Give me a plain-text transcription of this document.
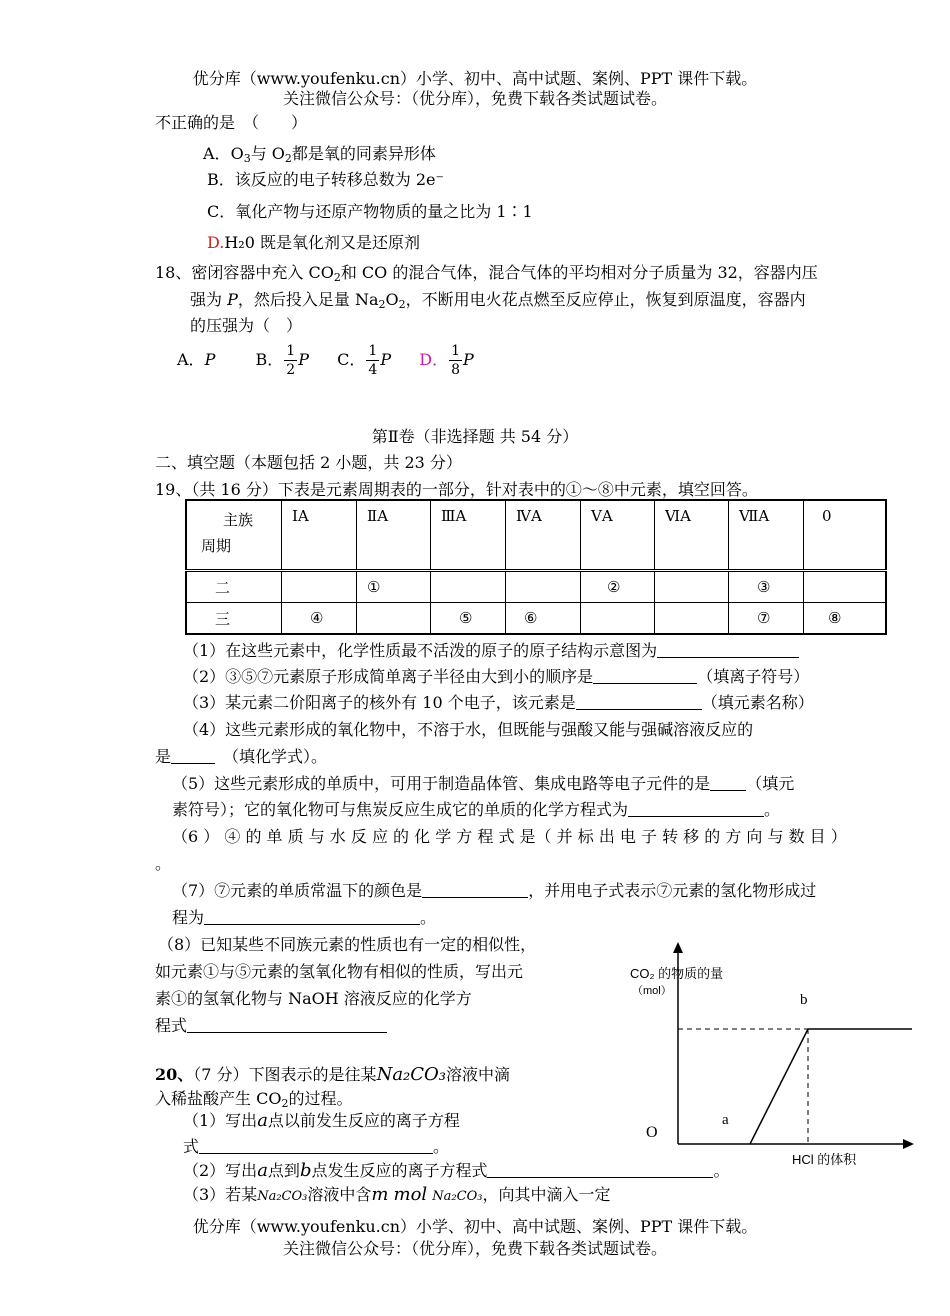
优分库（www.youfenku.cn）小学、初中、高中试题、案例、PPT 课件下载。
关注微信公众号：（优分库），免费下载各类试题试卷。
不正确的是　（　　）
A．$O_3$与 $O_2$都是氧的同素异形体
B．该反应的电子转移总数为 2e⁻
C．氧化产物与还原产物物质的量之比为 1∶1
D.H₂0 既是氧化剂又是还原剂
18、密闭容器中充入 $CO_2$和 CO 的混合气体，混合气体的平均相对分子质量为 32，容器内压
强为 P，然后投入足量 $Na_2O_2$，不断用电火花点燃至反应停止，恢复到原温度，容器内
的压强为（　）
A．P	B． $\frac{1}{2}$ P C． $\frac{1}{4}$ P D． $\frac{1}{8}$ P
第Ⅱ卷（非选择题 共 54 分）
二、填空题（本题包括 2 小题，共 23 分）
19、（共 16 分）下表是元素周期表的一部分，针对表中的①～⑧中元素，填空回答。
主族
周期	ⅠA	ⅡA	ⅢA	ⅣA	ⅤA	ⅥA	ⅦA	0
二		①			②		③	
三	④		⑤	⑥			⑦	⑧
（1）在这些元素中，化学性质最不活泼的原子的原子结构示意图为
（2）③⑤⑦元素原子形成简单离子半径由大到小的顺序是	（填离子符号）
（3）某元素二价阳离子的核外有 10 个电子，该元素是	（填元素名称）
（4）这些元素形成的氧化物中，不溶于水，但既能与强酸又能与强碱溶液反应的
是	（填化学式）。
（5）这些元素形成的单质中，可用于制造晶体管、集成电路等电子元件的是 （填元
素符号）；它的氧化物可与焦炭反应生成它的单质的化学方程式为	。
（6 ） ④ 的 单 质 与 水 反 应 的 化 学 方 程 式 是（ 并 标 出 电 子 转 移 的 方 向 与 数 目 ）
。
（7）⑦元素的单质常温下的颜色是	，并用电子式表示⑦元素的氢化物形成过
程为	。
（8）已知某些不同族元素的性质也有一定的相似性，
如元素①与⑤元素的氢氧化物有相似的性质，写出元
素①的氢氧化物与 NaOH 溶液反应的化学方
程式
20、（7 分）下图表示的是往某Na₂CO₃溶液中滴
入稀盐酸产生 $CO_2$的过程。
（1）写出a点以前发生反应的离子方程
式	。
（2）写出a点到b点发生反应的离子方程式	。
（3）若某Na₂CO₃溶液中含m mol Na₂CO₃，向其中滴入一定
CO₂ 的物质的量
（mol）
b
a
O
HCl 的体积
优分库（www.youfenku.cn）小学、初中、高中试题、案例、PPT 课件下载。
关注微信公众号：（优分库），免费下载各类试题试卷。
